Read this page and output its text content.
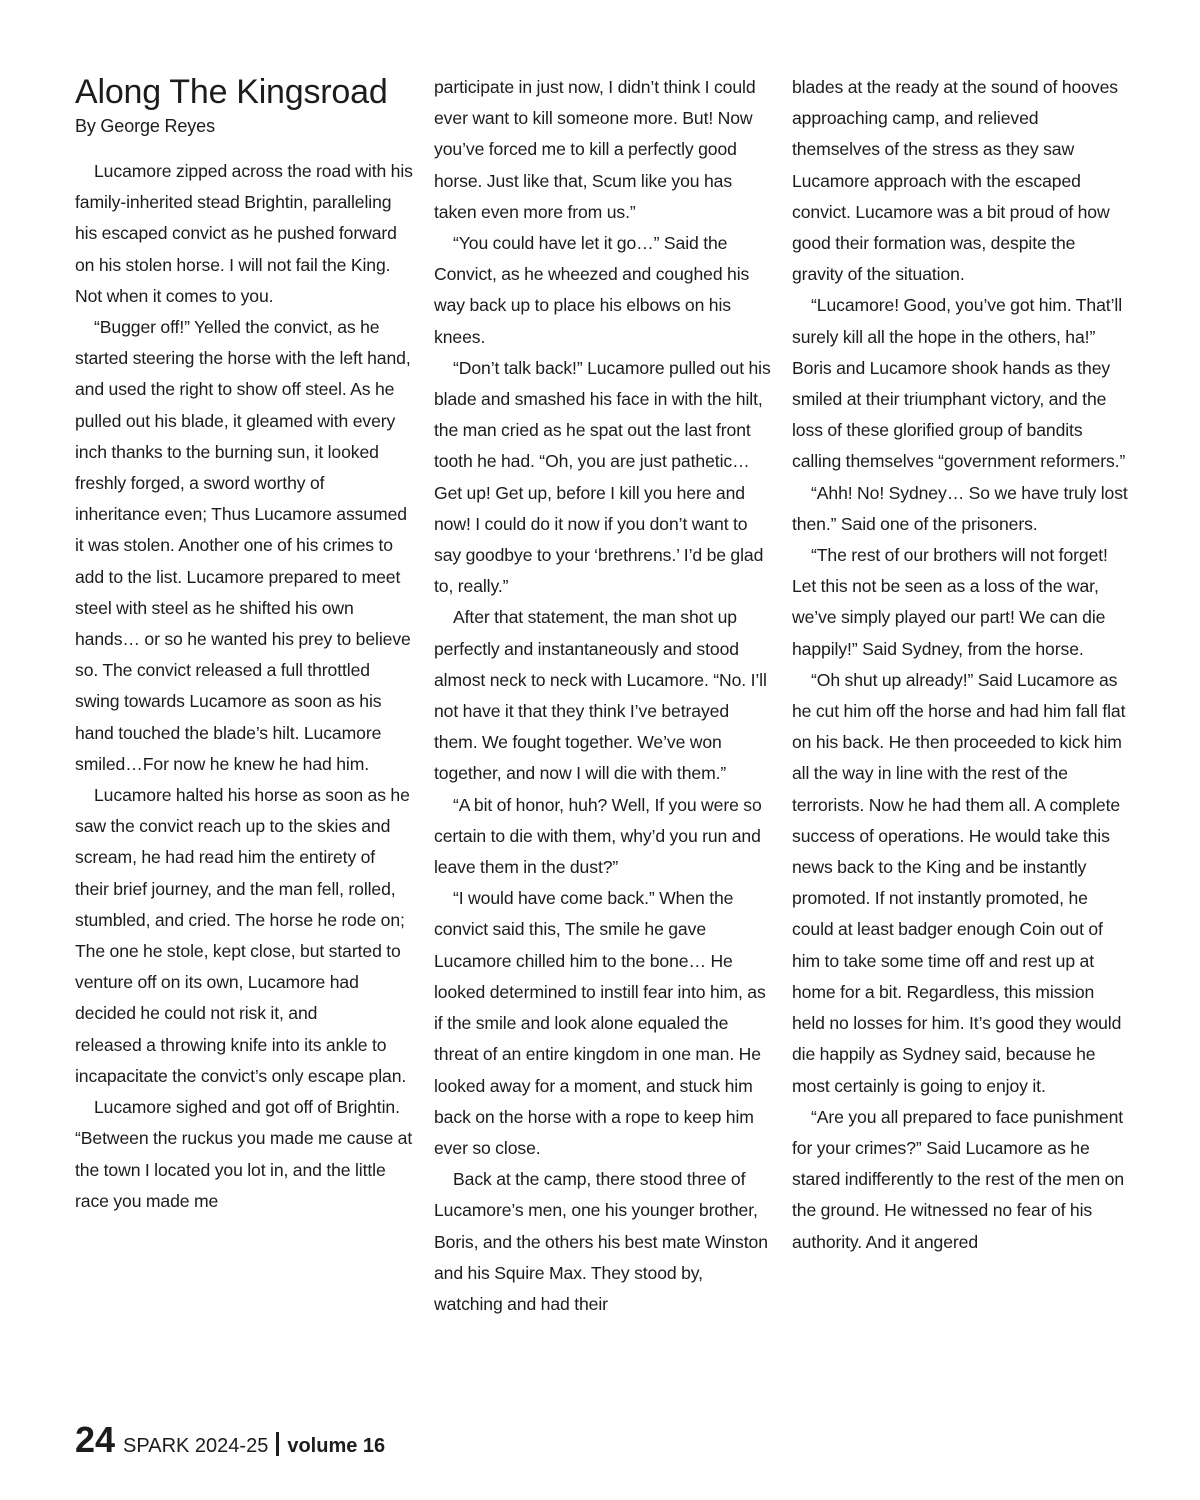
Along The Kingsroad
By George Reyes

Lucamore zipped across the road with his family-inherited stead Brightin, paralleling his escaped convict as he pushed forward on his stolen horse. I will not fail the King. Not when it comes to you.

“Bugger off!” Yelled the convict, as he started steering the horse with the left hand, and used the right to show off steel. As he pulled out his blade, it gleamed with every inch thanks to the burning sun, it looked freshly forged, a sword worthy of inheritance even; Thus Lucamore assumed it was stolen. Another one of his crimes to add to the list. Lucamore prepared to meet steel with steel as he shifted his own hands… or so he wanted his prey to believe so. The convict released a full throttled swing towards Lucamore as soon as his hand touched the blade’s hilt. Lucamore smiled…For now he knew he had him.

Lucamore halted his horse as soon as he saw the convict reach up to the skies and scream, he had read him the entirety of their brief journey, and the man fell, rolled, stumbled, and cried. The horse he rode on; The one he stole, kept close, but started to venture off on its own, Lucamore had decided he could not risk it, and

released a throwing knife into its ankle to incapacitate the convict’s only escape plan.

Lucamore sighed and got off of Brightin. “Between the ruckus you made me cause at the town I located you lot in, and the little race you made me

participate in just now, I didn’t think I could ever want to kill someone more. But! Now you’ve forced me to kill a perfectly good horse. Just like that, Scum like you has taken even more from us.”

“You could have let it go…” Said the Convict, as he wheezed and coughed his way back up to place his elbows on his knees.

“Don’t talk back!” Lucamore pulled out his blade and smashed his face in with the hilt, the man cried as he spat out the last front tooth he had. “Oh, you are just pathetic… Get up! Get up, before I kill you here and now! I could do it now if you don’t want to say goodbye to your ‘brethrens.’ I’d be glad to, really.”

After that statement, the man shot up perfectly and instantaneously and stood almost neck to neck with Lucamore. “No. I’ll not have it that they think I’ve betrayed them. We fought together. We’ve won together, and now I will die with them.”

“A bit of honor, huh? Well, If you were so certain to die with them, why’d you run and leave them in the dust?”

“I would have come back.” When the convict said this, The smile he gave Lucamore chilled him to the bone… He looked determined to instill fear into him, as if the smile and look alone equaled the threat of an entire kingdom in one man. He looked away for a moment, and stuck him back on the horse with a rope to keep him ever so close.

Back at the camp, there stood three of Lucamore’s men, one his younger brother, Boris, and the others his best mate Winston and his Squire Max. They stood by, watching and had their

blades at the ready at the sound of hooves approaching camp, and relieved themselves of the stress as they saw Lucamore approach with the escaped convict. Lucamore was a bit proud of how good their formation was, despite the gravity of the situation.

“Lucamore! Good, you’ve got him. That’ll surely kill all the hope in the others, ha!” Boris and Lucamore shook hands as they smiled at their triumphant victory, and the loss of these glorified group of bandits calling themselves “government reformers.”

“Ahh! No! Sydney… So we have truly lost then.” Said one of the prisoners.

“The rest of our brothers will not forget! Let this not be seen as a loss of the war, we’ve simply played our part! We can die happily!” Said Sydney, from the horse.

“Oh shut up already!” Said Lucamore as he cut him off the horse and had him fall flat on his back. He then proceeded to kick him all the way in line with the rest of the terrorists. Now he had them all. A complete success of operations. He would take this news back to the King and be instantly promoted. If not instantly promoted, he could at least badger enough Coin out of him to take some time off and rest up at home for a bit. Regardless, this mission held no losses for him. It’s good they would die happily as Sydney said, because he most certainly is going to enjoy it.

“Are you all prepared to face punishment for your crimes?” Said Lucamore as he stared indifferently to the rest of the men on the ground. He witnessed no fear of his authority. And it angered

24 SPARK 2024-25 volume 16
